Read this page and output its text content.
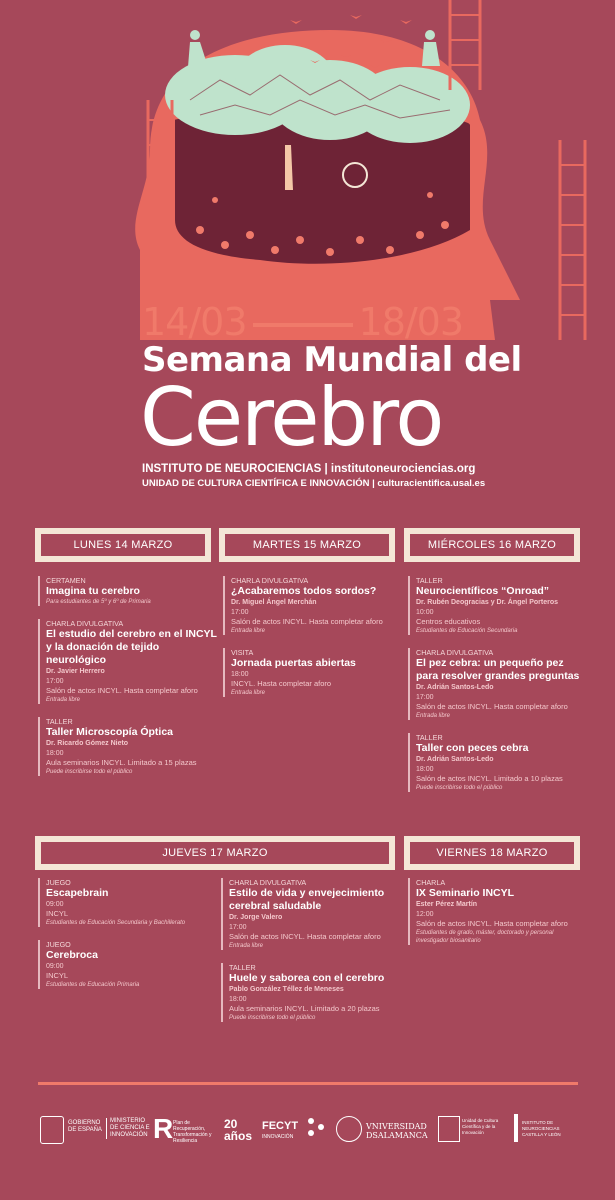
14/03	18/03
Semana Mundial del
Cerebro
INSTITUTO DE NEUROCIENCIAS | institutoneurociencias.org
UNIDAD DE CULTURA CIENTÍFICA E INNOVACIÓN | culturacientifica.usal.es
LUNES 14 MARZO	MARTES 15 MARZO	MIÉRCOLES 16 MARZO
JUEVES 17 MARZO	VIERNES 18 MARZO
CERTAMEN
Imagina tu cerebro
Para estudiantes de 5º y 6º de Primaria
CHARLA DIVULGATIVA
El estudio del cerebro en el INCYL y la donación de tejido neurológico
Dr. Javier Herrero
17:00
Salón de actos INCYL. Hasta completar aforo
Entrada libre
TALLER
Taller Microscopía Óptica
Dr. Ricardo Gómez Nieto
18:00
Aula seminarios INCYL. Limitado a 15 plazas
Puede inscribirse todo el público
CHARLA DIVULGATIVA
¿Acabaremos todos sordos?
Dr. Miguel Ángel Merchán
17:00
Salón de actos INCYL. Hasta completar aforo
Entrada libre
VISITA
Jornada puertas abiertas
18:00
INCYL. Hasta completar aforo
Entrada libre
TALLER
Neurocientíficos “Onroad”
Dr. Rubén Deogracias y Dr. Ángel Porteros
10:00
Centros educativos
Estudiantes de Educación Secundaria
CHARLA DIVULGATIVA
El pez cebra: un pequeño pez para resolver grandes preguntas
Dr. Adrián Santos-Ledo
17:00
Salón de actos INCYL. Hasta completar aforo
Entrada libre
TALLER
Taller con peces cebra
Dr. Adrián Santos-Ledo
18:00
Salón de actos INCYL. Limitado a 10 plazas
Puede inscribirse todo el público
JUEGO
Escapebrain
09:00
INCYL
Estudiantes de Educación Secundaria y Bachillerato
JUEGO
Cerebroca
09:00
INCYL
Estudiantes de Educación Primaria
CHARLA DIVULGATIVA
Estilo de vida y envejecimiento cerebral saludable
Dr. Jorge Valero
17:00
Salón de actos INCYL. Hasta completar aforo
Entrada libre
TALLER
Huele y saborea con el cerebro
Pablo González Téllez de Meneses
18:00
Aula seminarios INCYL. Limitado a 20 plazas
Puede inscribirse todo el público
CHARLA
IX Seminario INCYL
Ester Pérez Martín
12:00
Salón de actos INCYL. Hasta completar aforo
Estudiantes de grado, máster, doctorado y personal investigador biosanitario
GOBIERNO DE ESPAÑA
MINISTERIO DE CIENCIA E INNOVACIÓN R Plan de Recuperación, Transformación y Resiliencia
20 años
FECYT
INNOVACIÓN
VNIVERSIDAD DSALAMANCA
Unidad de Cultura Científica y de la Innovación
INSTITUTO DE NEUROCIENCIAS CASTILLA Y LEÓN
